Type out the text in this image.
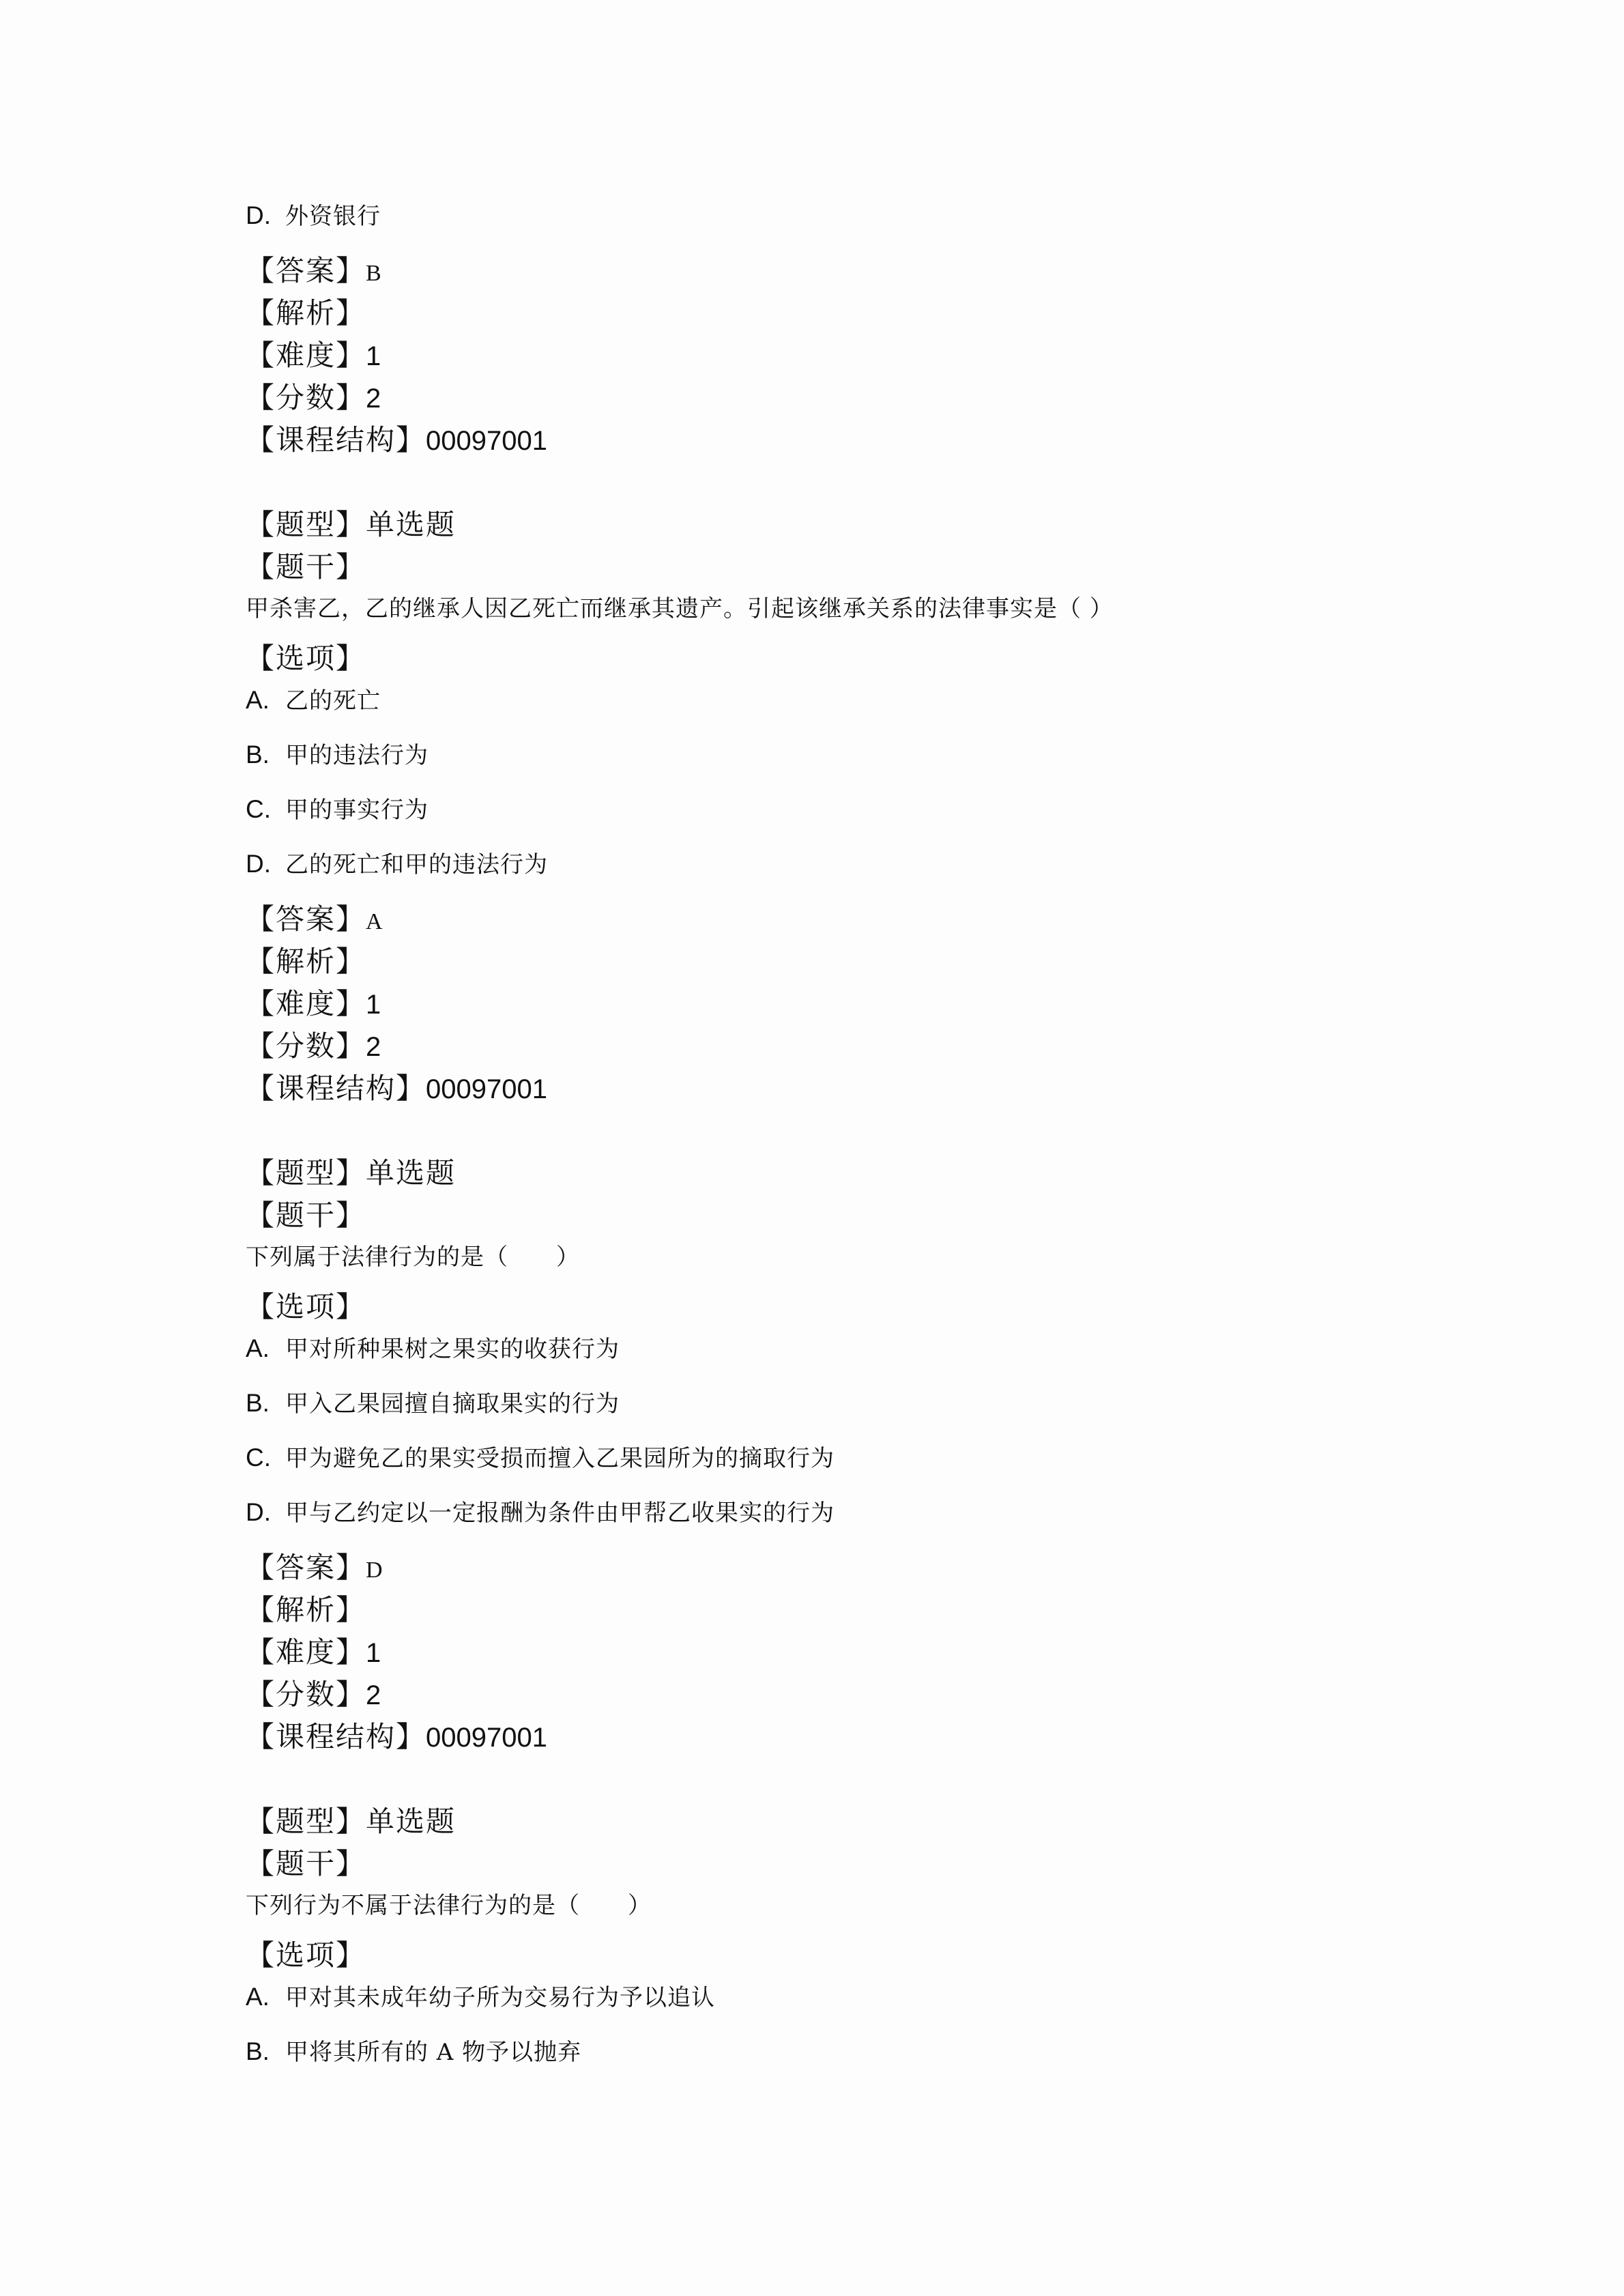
D. 外资银行
【答案】B
【解析】
【难度】1
【分数】2
【课程结构】00097001
【题型】单选题
【题干】
甲杀害乙，乙的继承人因乙死亡而继承其遗产。引起该继承关系的法律事实是（ ）
【选项】
A. 乙的死亡
B. 甲的违法行为
C. 甲的事实行为
D. 乙的死亡和甲的违法行为
【答案】A
【解析】
【难度】1
【分数】2
【课程结构】00097001
【题型】单选题
【题干】
下列属于法律行为的是（　　）
【选项】
A. 甲对所种果树之果实的收获行为
B. 甲入乙果园擅自摘取果实的行为
C. 甲为避免乙的果实受损而擅入乙果园所为的摘取行为
D. 甲与乙约定以一定报酬为条件由甲帮乙收果实的行为
【答案】D
【解析】
【难度】1
【分数】2
【课程结构】00097001
【题型】单选题
【题干】
下列行为不属于法律行为的是（　　）
【选项】
A. 甲对其未成年幼子所为交易行为予以追认
B. 甲将其所有的 A 物予以抛弃
